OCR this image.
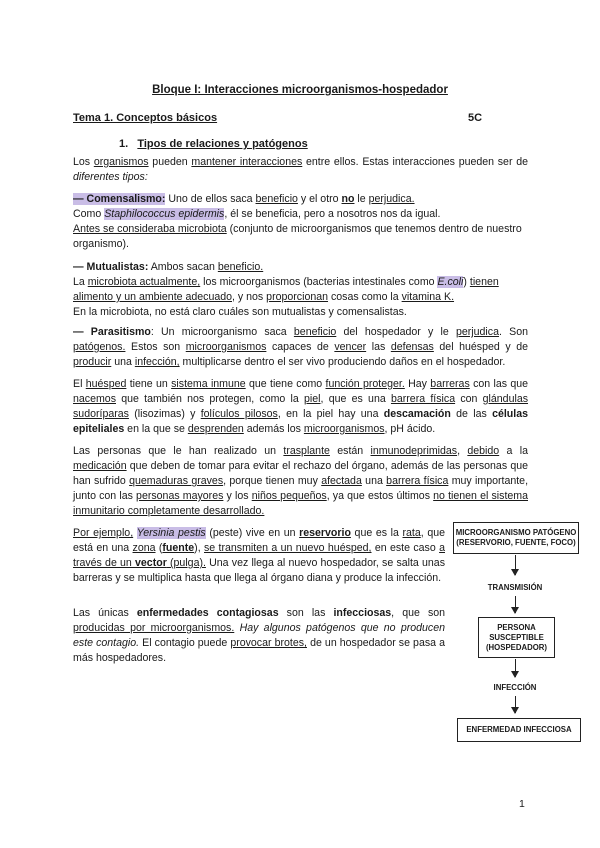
Bloque I: Interacciones microorganismos-hospedador
Tema 1. Conceptos básicos	5C
1. Tipos de relaciones y patógenos
Los organismos pueden mantener interacciones entre ellos. Estas interacciones pueden ser de diferentes tipos:
— Comensalismo: Uno de ellos saca beneficio y el otro no le perjudica.
Como Staphilococcus epidermis, él se beneficia, pero a nosotros nos da igual.
Antes se consideraba microbiota (conjunto de microorganismos que tenemos dentro de nuestro organismo).
— Mutualistas: Ambos sacan beneficio.
La microbiota actualmente, los microorganismos (bacterias intestinales como E.coli) tienen alimento y un ambiente adecuado, y nos proporcionan cosas como la vitamina K.
En la microbiota, no está claro cuáles son mutualistas y comensalistas.
— Parasitismo: Un microorganismo saca beneficio del hospedador y le perjudica. Son patógenos. Estos son microorganismos capaces de vencer las defensas del huésped y de producir una infección, multiplicarse dentro el ser vivo produciendo daños en el hospedador.
El huésped tiene un sistema inmune que tiene como función proteger. Hay barreras con las que nacemos que también nos protegen, como la piel, que es una barrera física con glándulas sudoríparas (lisozimas) y folículos pilosos, en la piel hay una descamación de las células epiteliales en la que se desprenden además los microorganismos, pH ácido.
Las personas que le han realizado un trasplante están inmunodeprimidas, debido a la medicación que deben de tomar para evitar el rechazo del órgano, además de las personas que han sufrido quemaduras graves, porque tienen muy afectada una barrera física muy importante, junto con las personas mayores y los niños pequeños, ya que estos últimos no tienen el sistema inmunitario completamente desarrollado.
Por ejemplo, Yersinia pestis (peste) vive en un reservorio que es la rata, que está en una zona (fuente), se transmiten a un nuevo huésped, en este caso a través de un vector (pulga). Una vez llega al nuevo hospedador, se salta unas barreras y se multiplica hasta que llega al órgano diana y produce la infección.
Las únicas enfermedades contagiosas son las infecciosas, que son producidas por microorganismos. Hay algunos patógenos que no producen este contagio. El contagio puede provocar brotes, de un hospedador se pasa a más hospedadores.
MICROORGANISMO PATÓGENO (RESERVORIO, FUENTE, FOCO)
TRANSMISIÓN
PERSONA SUSCEPTIBLE (HOSPEDADOR)
INFECCIÓN
ENFERMEDAD INFECCIOSA
1
